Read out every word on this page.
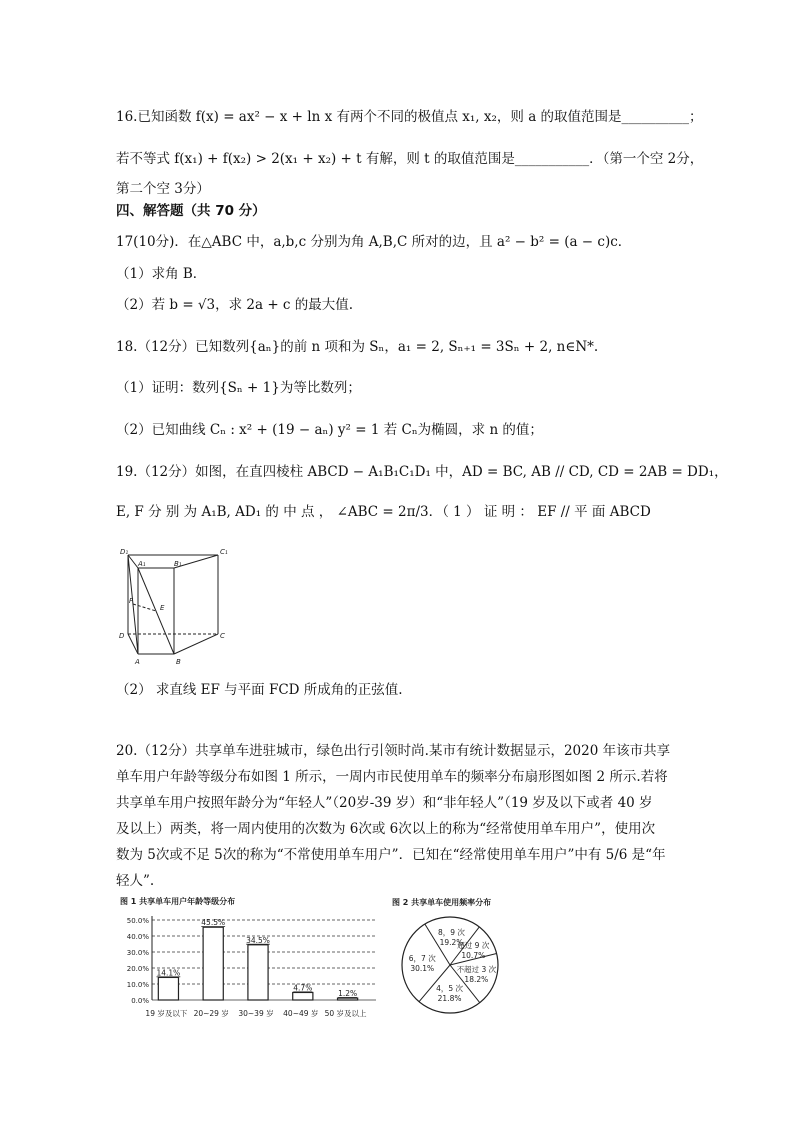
16.已知函数 f(x) = ax² − x + ln x 有两个不同的极值点 x₁, x₂，则 a 的取值范围是__________；
若不等式 f(x₁) + f(x₂) > 2(x₁ + x₂) + t 有解，则 t 的取值范围是___________．（第一个空 2分，
第二个空 3分）
四、解答题（共 70 分）
17(10分)．在△ABC 中，a,b,c 分别为角 A,B,C 所对的边，且 a² − b² = (a − c)c．
（1）求角 B．
（2）若 b = √3，求 2a + c 的最大值.
18.（12分）已知数列{aₙ}的前 n 项和为 Sₙ，a₁ = 2, Sₙ₊₁ = 3Sₙ + 2, n∈N*.
（1）证明：数列{Sₙ + 1}为等比数列；
（2）已知曲线 Cₙ : x² + (19 − aₙ) y² = 1 若 Cₙ为椭圆，求 n 的值；
19.（12分）如图，在直四棱柱 ABCD − A₁B₁C₁D₁ 中，AD = BC, AB // CD, CD = 2AB = DD₁，
E, F 分 别 为 A₁B, AD₁ 的 中 点 ， ∠ABC = 2π/3．（ 1 ） 证 明 ： EF // 平 面 ABCD
D₁	C₁
A₁	B₁
F
E
D	C
A	B
（2） 求直线 EF 与平面 FCD 所成角的正弦值.
20.（12分）共享单车进驻城市，绿色出行引领时尚.某市有统计数据显示，2020 年该市共享
单车用户年龄等级分布如图 1 所示，一周内市民使用单车的频率分布扇形图如图 2 所示.若将
共享单车用户按照年龄分为“年轻人”（20岁-39 岁）和“非年轻人”（19 岁及以下或者 40 岁
及以上）两类，将一周内使用的次数为 6次或 6次以上的称为“经常使用单车用户”，使用次
数为 5次或不足 5次的称为“不常使用单车用户”．已知在“经常使用单车用户”中有 5/6 是“年
轻人”.
图 1 共享单车用户年龄等级分布
50.0%
40.0%
30.0%
20.0%
10.0%
0.0%
14.1%
45.5%
34.5%
4.7%
1.2%
19 岁及以下 20~29 岁 30~39 岁 40~49 岁 50 岁及以上
图 2 共享单车使用频率分布
8，9 次
19.2%
超过 9 次
10.7%
不超过 3 次
18.2%
4，5 次
21.8%
6，7 次
30.1%
